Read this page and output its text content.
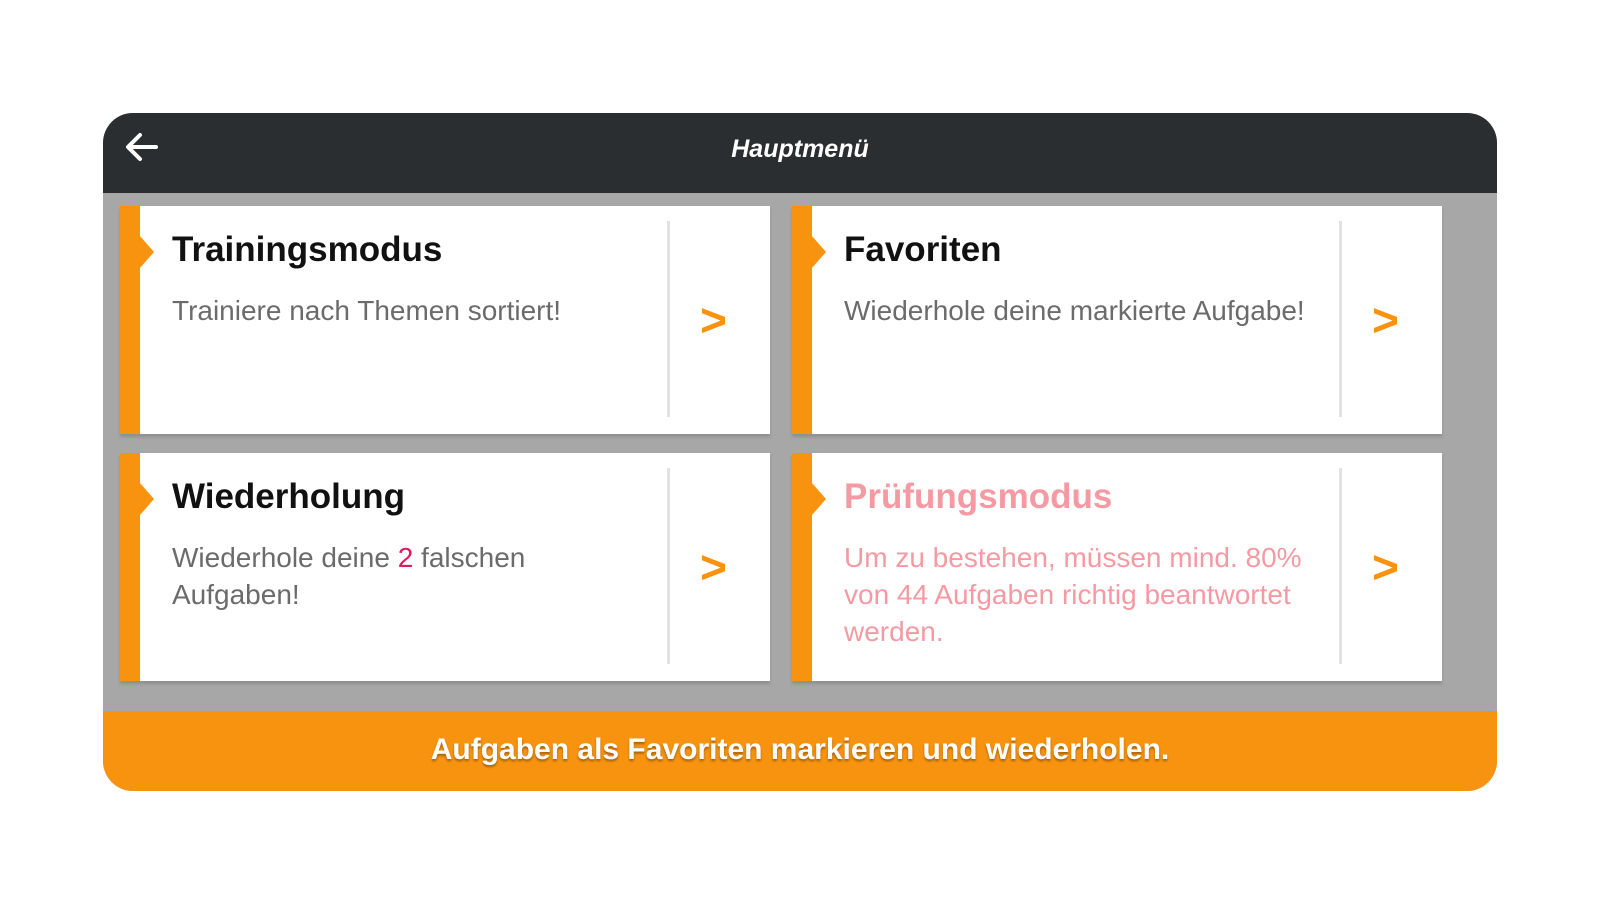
Hauptmenü
Trainingsmodus
Trainiere nach Themen sortiert!	>
Favoriten
Wiederhole deine markierte Aufgabe! >
Wiederholung
Wiederhole deine 2 falschen Aufgaben!
>
Prüfungsmodus
Um zu bestehen, müssen mind. 80% von 44 Aufgaben richtig beantwortet werden.
>
Aufgaben als Favoriten markieren und wiederholen.
